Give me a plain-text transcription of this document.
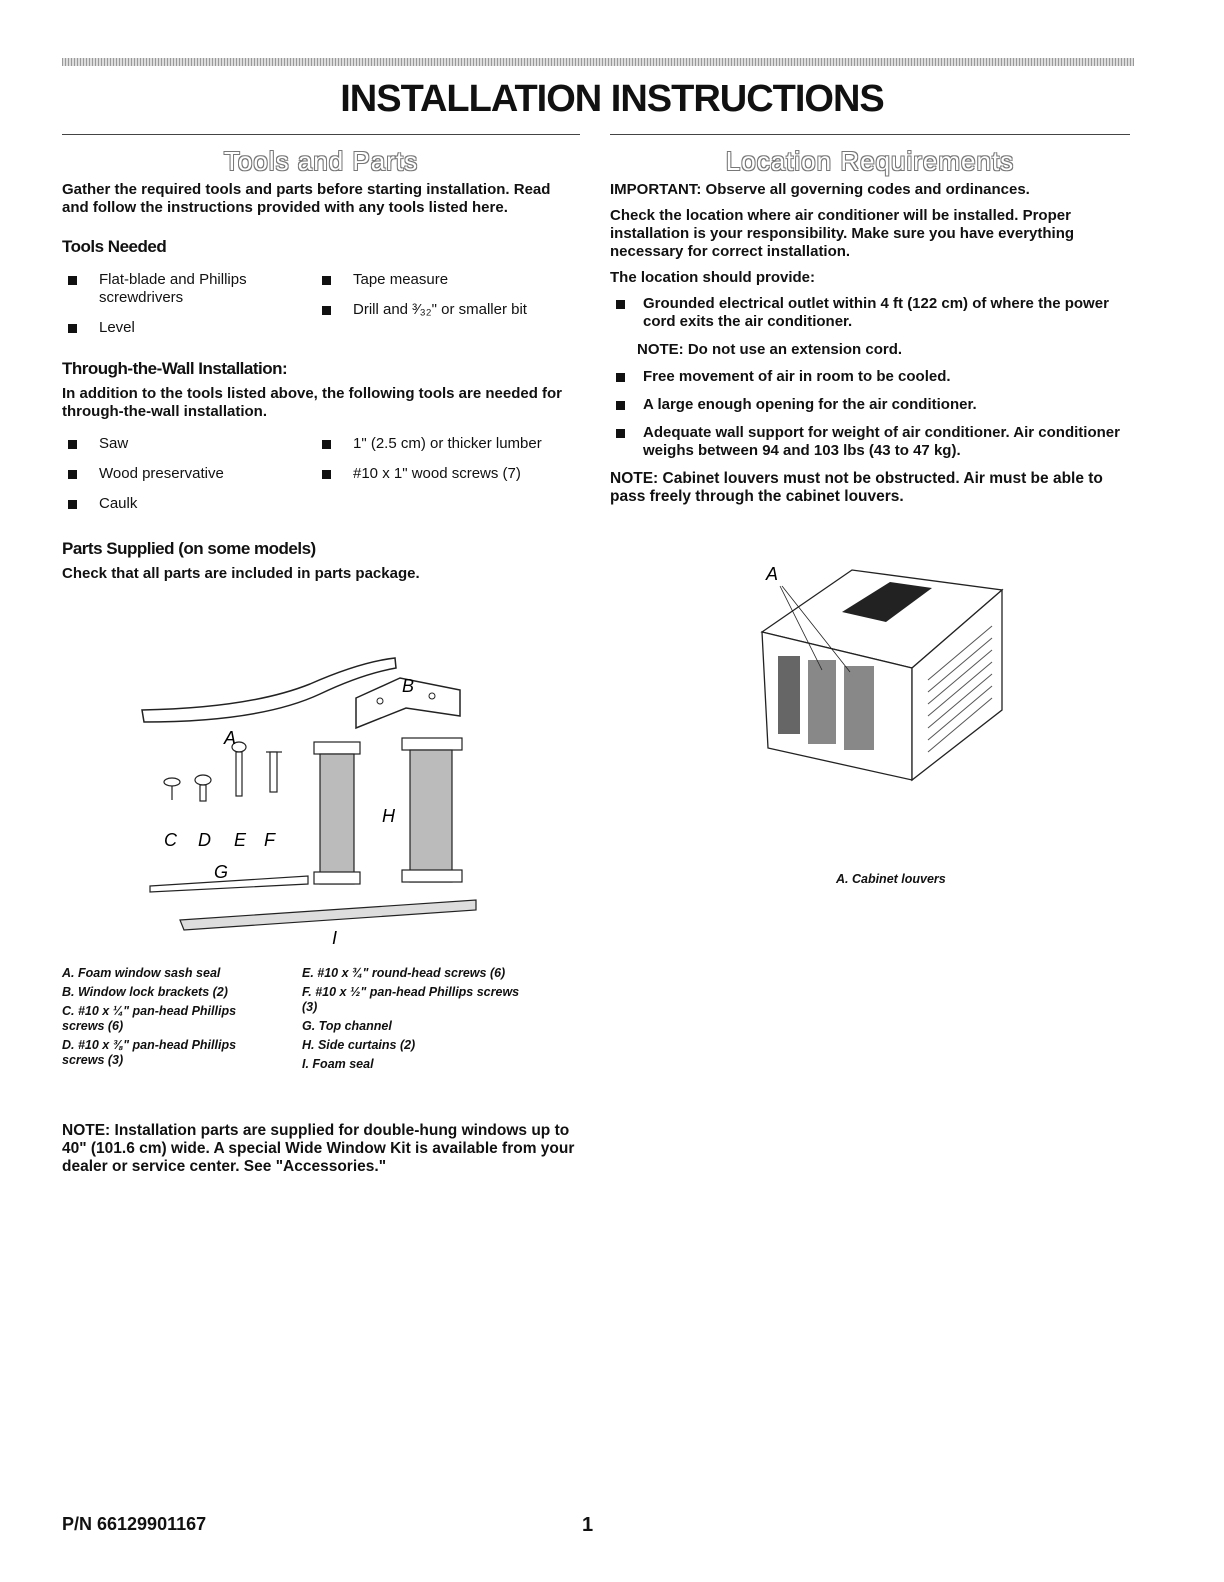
INSTALLATION INSTRUCTIONS
Tools and Parts

Gather the required tools and parts before starting installation. Read and follow the instructions provided with any tools listed here.

Tools Needed
Flat-blade and Phillips screwdrivers
Level
Tape measure
Drill and ³⁄₃₂" or smaller bit
Through-the-Wall Installation:

In addition to the tools listed above, the following tools are needed for through-the-wall installation.

Saw
Wood preservative
Caulk
1" (2.5 cm) or thicker lumber
#10 x 1" wood screws (7)
Parts Supplied (on some models)

Check that all parts are included in parts package.

A
B
C D E F
G
H
I
A. Foam window sash seal
B. Window lock brackets (2)
C. #10 x ¼" pan-head Phillips screws (6)
D. #10 x ⅜" pan-head Phillips screws (3)
E. #10 x ¾" round-head screws (6)
F. #10 x ½" pan-head Phillips screws (3)
G. Top channel
H. Side curtains (2)
I. Foam seal

NOTE: Installation parts are supplied for double-hung windows up to 40" (101.6 cm) wide. A special Wide Window Kit is available from your dealer or service center. See "Accessories."

Location Requirements

IMPORTANT: Observe all governing codes and ordinances.

Check the location where air conditioner will be installed. Proper installation is your responsibility. Make sure you have everything necessary for correct installation.

The location should provide:

Grounded electrical outlet within 4 ft (122 cm) of where the power cord exits the air conditioner.
NOTE: Do not use an extension cord.
Free movement of air in room to be cooled.
A large enough opening for the air conditioner.
Adequate wall support for weight of air conditioner. Air conditioner weighs between 94 and 103 lbs (43 to 47 kg).

NOTE: Cabinet louvers must not be obstructed. Air must be able to pass freely through the cabinet louvers.

A
A. Cabinet louvers
P/N 66129901167	1
